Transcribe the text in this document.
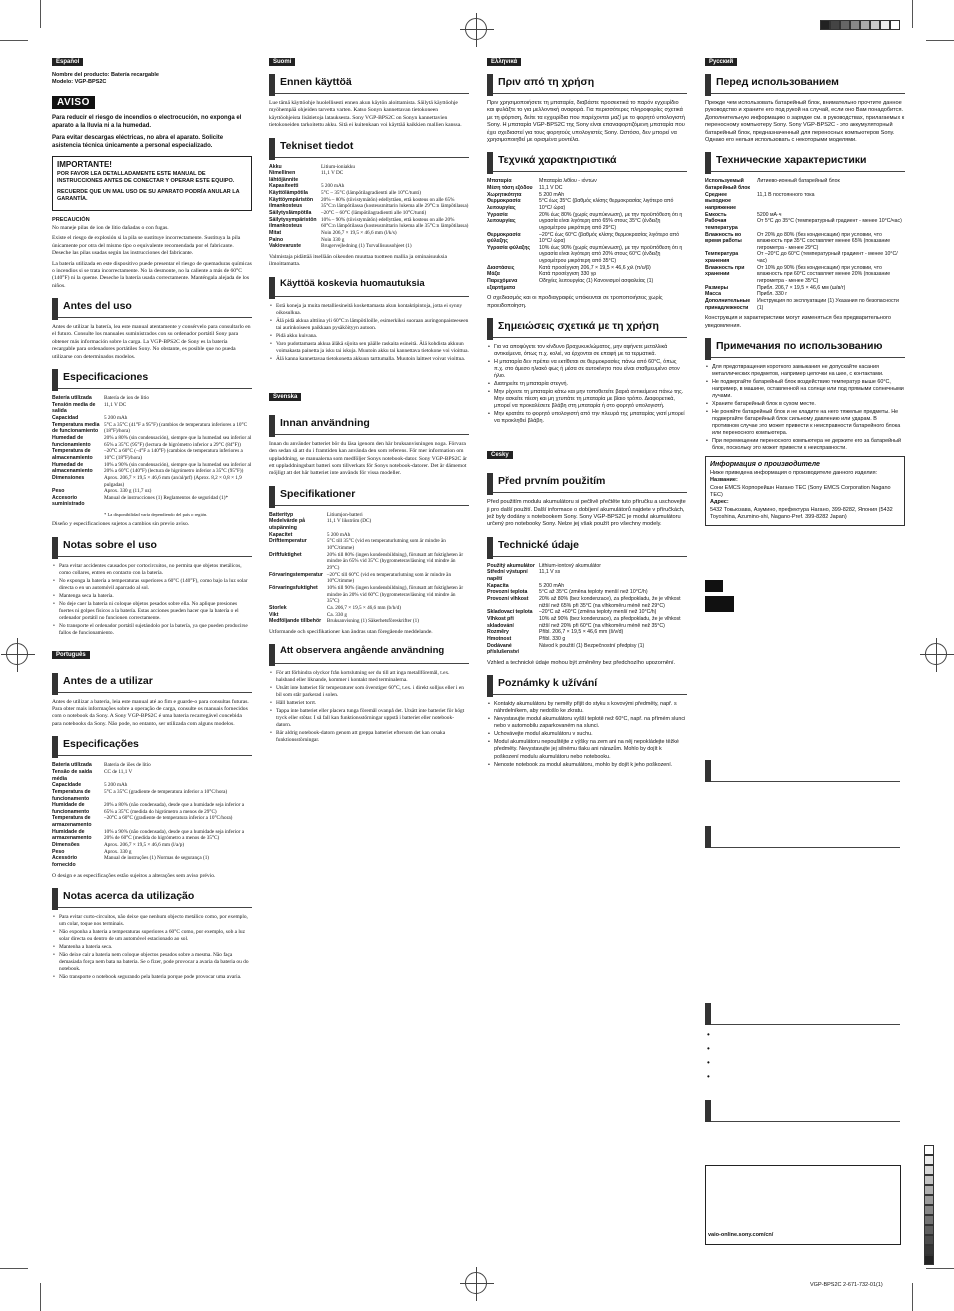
Español
Nombre del producto: Batería recargable
Modelo: VGP-BPS2C
AVISO
Para reducir el riesgo de incendios o electrocución, no exponga el aparato a la lluvia ni a la humedad.
Para evitar descargas eléctricas, no abra el aparato. Solicite asistencia técnica únicamente a personal especializado.
IMPORTANTE!
POR FAVOR LEA DETALLADAMENTE ESTE MANUAL DE INSTRUCCIONES ANTES DE CONECTAR Y OPERAR ESTE EQUIPO.
RECUERDE QUE UN MAL USO DE SU APARATO PODRÍA ANULAR LA GARANTÍA.
PRECAUCIÓN
No maneje pilas de ion de litio dañadas o con fugas.
Existe el riesgo de explosión si la pila se sustituye incorrectamente. Sustituya la pila únicamente por otra del mismo tipo o equivalente recomendada por el fabricante. Deseche las pilas usadas según las instrucciones del fabricante.
La batería utilizada en este dispositivo puede presentar el riesgo de quemaduras químicas o incendios si se trata incorrectamente. No la desmonte, no la caliente a más de 60°C (140°F) ni la queme. Deseche la batería usada correctamente. Manténgala alejada de los niños.
Antes del uso
Antes de utilizar la batería, lea este manual atentamente y consérvelo para consultarlo en el futuro. Consulte los manuales suministrados con su ordenador portátil Sony para obtener más información sobre la carga. La VGP-BPS2C de Sony es la batería recargable para ordenadores portátiles Sony. No obstante, es posible que no pueda utilizarse con determinados modelos.
Especificaciones
Batería utilizada	Batería de ion de litio
Tensión media de salida	11,1 V DC
Capacidad	5 200 mAh
Temperatura media de funcionamiento	5°C a 35°C (41°F a 95°F) (cambios de temperatura inferiores a 10°C (18°F)/hora)
Humedad de funcionamiento	20% a 80% (sin condensación), siempre que la humedad sea inferior al 65% a 35°C (95°F) (lectura de higrómetro inferior a 29°C (84°F))
Temperatura de almacenamiento	–20°C a 60°C (–4°F a 140°F) (cambios de temperatura inferiores a 10°C (18°F)/hora)
Humedad de almacenamiento	10% a 90% (sin condensación), siempre que la humedad sea inferior al 20% a 60°C (140°F) (lectura de higrómetro inferior a 35°C (95°F))
Dimensiones	Aprox. 206,7 × 19,5 × 46,6 mm (an/al/prf) (Aprox. 8,2 × 0,8 × 1,9 pulgadas)
Peso	Aprox. 330 g (11,7 oz)
Accesorio suministrado	Manual de instrucciones (1) Reglamentos de seguridad (1)*
* La disponibilidad varía dependiendo del país o región.
Diseño y especificaciones sujetos a cambios sin previo aviso.
Notas sobre el uso
• Para evitar accidentes causados por cortocircuitos, no permita que objetos metálicos, como collares, entren en contacto con la batería.
• No exponga la batería a temperaturas superiores a 60°C (140°F), como bajo la luz solar directa o en un automóvil aparcado al sol.
• Mantenga seca la batería.
• No deje caer la batería ni coloque objetos pesados sobre ella. No aplique presiones fuertes ni golpes físicos a la batería. Estas acciones pueden hacer que la batería o el ordenador portátil no funcionen correctamente.
• No transporte el ordenador portátil sujetándolo por la batería, ya que pueden producirse fallos de funcionamiento.
Português
Antes de a utilizar
Antes de utilizar a bateria, leia este manual até ao fim e guarde-o para consultas futuras. Para obter mais informações sobre a operação de carga, consulte os manuais fornecidos com o notebook da Sony. A Sony VGP-BPS2C é uma bateria recarregável concebida para notebooks da Sony. Não pode, no entanto, ser utilizada com alguns modelos.
Especificações
Bateria utilizada	Bateria de iões de lítio
Tensão de saída média	CC de 11,1 V
Capacidade	5 200 mAh
Temperatura de funcionamento	5°C a 35°C (gradiente de temperatura inferior a 10°C/hora)
Humidade de funcionamento	20% a 80% (não condensada), desde que a humidade seja inferior a 65% a 35°C (medida do higrómetro a menos de 29°C)
Temperatura de armazenamento	–20°C a 60°C (gradiente de temperatura inferior a 10°C/hora)
Humidade de armazenamento	10% a 90% (não condensada), desde que a humidade seja inferior a 20% de 60°C (medida do higrómetro a menos de 35°C)
Dimensões	Aprox. 206,7 × 19,5 × 46,6 mm (l/a/p)
Peso	Aprox. 330 g
Acessório fornecido	Manual de instruções (1) Normas de segurança (1)
O design e as especificações estão sujeitos a alterações sem aviso prévio.
Notas acerca da utilização
• Para evitar curto-circuitos, não deixe que nenhum objecto metálico como, por exemplo, um colar, toque nos terminais.
• Não exponha a bateria a temperaturas superiores a 60°C como, por exemplo, sob a luz solar directa ou dentro de um automóvel estacionado ao sol.
• Mantenha a bateria seca.
• Não deixe cair a bateria nem coloque objectos pesados sobre a mesma. Não faça demasiada força nem bata na bateria. Se o fizer, pode provocar a avaria da bateria ou do notebook.
• Não transporte o notebook segurando pela bateria porque pode provocar uma avaria.
Suomi
Ennen käyttöä
Lue tämä käyttöohje huolellisesti ennen akun käytön aloittamista. Säilytä käyttöohje myöhempää ohjeiden tarvetta varten. Katso Sonyn kannettavan tietokoneen käyttöohjeista lisätietoja latauksesta. Sony VGP-BPS2C on Sonyn kannettavien tietokoneiden tarkoitettu akku. Sitä ei kuitenkaan voi käyttää kaikkien mallien kanssa.
Tekniset tiedot
Akku	Litium-ioniakku
Nimellinen lähtöjännite	11,1 V DC
Kapasiteetti	5 200 mAh
Käyttölämpötila	5°C – 35°C (lämpötilagradientti alle 10°C/tunti)
Käyttöympäristön ilmankosteus	20% – 80% (tiivistymätön) edellyttäen, että kosteus on alle 65% 35°C:n lämpötilassa (kosteusmittarin lukema alle 29°C:n lämpötilassa)
Säilytyslämpötila	–20°C – 60°C (lämpötilagradientti alle 10°C/tunti)
Säilytysympäristön ilmankosteus	10% – 90% (tiivistymätön) edellyttäen, että kosteus on alle 20% 60°C:n lämpötilassa (kosteusmittarin lukema alle 35°C:n lämpötilassa)
Mitat	Noin 206,7 × 19,5 × 46,6 mm (l/k/s)
Paino	Noin 330 g
Vakiovaruste	Brugervejledning (1) Turvallisuusohjeet (1)
Valmistaja pidättää itsellään oikeuden muuttaa tuotteen mallia ja ominaisuuksia ilmoittamatta.
Käyttöä koskevia huomautuksia
• Estä koneja ja muita metalliesineitä koskettamasta akun kontaktipintoja, jotta ei synny oikosulkua.
• Älä pidä akkua alttiina yli 60°C:n lämpötiloille, esimerkiksi suoraan auringonpaisteeseen tai aurinkoiseen paikkaan pysäköityyn autoon.
• Pidä akku kuivana.
• Varo pudottamasta akkua äläkä sijoita sen päälle raskaita esineitä. Älä kohdista akkuun voimakasta painetta ja isku tai iskuja. Muutoin akku tai kannettava tietokone voi vioittua.
• Älä kanna kannettavaa tietokonetta akkuun tarttumalla. Muutoin laitteet voivat vioittua.
Svenska
Innan användning
Innan du använder batteriet bör du läsa igenom den här bruksanvisningen noga. Förvara den sedan så att du i framtiden kan använda den som referens. För mer information om uppladdning, se manualerna som medföljer Sonys notebook-dator. Sony VGP-BPS2C är ett uppladdningsbart batteri som tillverkats för Sonys notebook-datorer. Det är dämemot möjligt att det här batteriet inte används för vissa modeller.
Specifikationer
Batterityp	Litiumjon-batteri
Medelvärde på utspänning	11,1 V likström (DC)
Kapacitet	5 200 mAh
Drifttemperatur	5°C till 35°C (vid en temperaturlutning som är mindre än 10°C/timme)
Driftfuktighet	20% till 80% (ingen kondensbildning), förutsatt att fuktigheten är mindre än 65% vid 35°C (hygrometeravläsning vid mindre än 29°C)
Förvaringstemperatur	–20°C till 60°C (vid en temperaturlutning som är mindre än 10°C/timme)
Förvaringsfuktighet	10% till 90% (ingen kondensbildning), förutsatt att fuktigheten är mindre än 20% vid 60°C (hygrometeravläsning vid mindre än 35°C)
Storlek	Ca. 206,7 × 19,5 × 46,6 mm (b/h/d)
Vikt	Ca. 330 g
Medföljande tillbehör	Bruksanvisning (1) Säkerhetsföreskrifter (1)
Utformande och specifikationer kan ändras utan föregående meddelande.
Att observera angående användning
• För att förhindra olyckor från kortslutning ser du till att inga metallföremål, t.ex. halsband eller liknande, kommer i kontakt med terminalerna.
• Utsätt inte batteriet för temperaturer som överstiger 60°C, t.ex. i direkt solljus eller i en bil som står parkerad i solen.
• Håll batteriet torrt.
• Tappa inte batteriet eller placera tunga föremål ovanpå det. Utsätt inte batteriet för högt tryck eller stötar. I så fall kan funktionsstörningar uppstå i batteriet eller notebook-datorn.
• Bär aldrig notebook-datorn genom att greppa batteriet eftersom det kan orsaka funktionsstörningar.
Ελληνικά
Πριν από τη χρήση
Πριν χρησιμοποιήσετε τη μπαταρία, διαβάστε προσεκτικά το παρόν εγχειρίδιο και φυλάξτε το για μελλοντική αναφορά. Για περισσότερες πληροφορίες σχετικά με τη φόρτιση, δείτε τα εγχειρίδια που παρέχονται μαζί με το φορητό υπολογιστή Sony. Η μπαταρία VGP-BPS2C της Sony είναι επαναφορτιζόμενη μπαταρία που έχει σχεδιαστεί για τους φορητούς υπολογιστές Sony. Ωστόσο, δεν μπορεί να χρησιμοποιηθεί με ορισμένα μοντέλα.
Τεχνικά χαρακτηριστικά
Μπαταρία	Μπαταρία λιθίου - ιόντων
Μέση τάση εξόδου	11,1 V DC
Χωρητικότητα	5 200 mAh
Θερμοκρασία λειτουργίας	5°C έως 35°C (βαθμός κλίσης θερμοκρασίας λιγότερο από 10°C/ ώρα)
Υγρασία λειτουργίας	20% έως 80% (χωρίς συμπύκνωση), με την προϋπόθεση ότι η υγρασία είναι λιγότερη από 65% στους 35°C (ένδειξη υγρομέτρου μικρότερη από 29°C)
Θερμοκρασία φύλαξης	–20°C έως 60°C (βαθμός κλίσης θερμοκρασίας λιγότερο από 10°C/ ώρα)
Υγρασία φύλαξης	10% έως 90% (χωρίς συμπύκνωση), με την προϋπόθεση ότι η υγρασία είναι λιγότερη από 20% στους 60°C (ένδειξη υγρομέτρου μικρότερη από 35°C)
Διαστάσεις	Κατά προσέγγιση 206,7 × 19,5 × 46,6 χιλ (π/υ/β)
Μάζα	Κατά προσέγγιση 330 γρ
Παρεχόμενα εξαρτήματα	Οδηγίες λειτουργίας (1) Κανονισμοί ασφαλείας (1)
Ο σχεδιασμός και οι προδιαγραφές υπόκεινται σε τροποποιήσεις χωρίς προειδοποίηση.
Σημειώσεις σχετικά με τη χρήση
• Για να αποφύγετε τον κίνδυνο βραχυκυκλώματος, μην αφήνετε μεταλλικά αντικείμενα, όπως π.χ. κολιέ, να έρχονται σε επαφή με τα τερματικά.
• Η μπαταρία δεν πρέπει να εκτίθεται σε θερμοκρασίες πάνω από 60°C, όπως π.χ. στο άμεσο ηλιακό φως ή μέσα σε αυτοκίνητο που είναι σταθμευμένο στον ήλιο.
• Διατηρείτε τη μπαταρία στεγνή.
• Μην ρίχνετε τη μπαταρία κάτω και μην τοποθετείτε βαριά αντικείμενα πάνω της. Μην ασκείτε πίεση και μη χτυπάτε τη μπαταρία με βίαιο τρόπο. Διαφορετικά, μπορεί να προκαλέσετε βλάβη στη μπαταρία ή στο φορητό υπολογιστή.
• Μην κρατάτε το φορητό υπολογιστή από την πλευρά της μπαταρίας γιατί μπορεί να προκληθεί βλάβη.
Česky
Před prvním použitím
Před použitím modulu akumulátoru si pečlivě přečtěte tuto příručku a uschovejte ji pro další použití. Další informace o dobíjení akumulátorů najdete v příručkách, jež byly dodány s notebookem Sony. Sony VGP-BPS2C je modul akumulátoru určený pro notebooky Sony. Nelze jej však použít pro všechny modely.
Technické údaje
Použitý akumulátor	Lithium-iontový akumulátor
Střední výstupní napětí	11,1 V ss
Kapacita	5 200 mAh
Provozní teplota	5°C až 35°C (změna teploty menší než 10°C/h)
Provozní vlhkost	20% až 80% (bez kondenzace), za předpokladu, že je vlhkost nižší než 65% při 35°C (na vlhkoměru méně než 29°C)
Skladovací teplota	–20°C až +60°C (změna teploty menší než 10°C/h)
Vlhkost při skladování	10% až 90% (bez kondenzace), za předpokladu, že je vlhkost nižší než 20% při 60°C (na vlhkoměru méně než 35°C)
Rozměry	Přibl. 206,7 × 19,5 × 46,6 mm (š/v/d)
Hmotnost	Přibl. 330 g
Dodávané příslušenství	Návod k použití (1) Bezpečnostní předpisy (1)
Vzhled a technické údaje mohou být změněny bez předchozího upozornění.
Poznámky k užívání
• Kontakty akumulátoru by neměly přijít do styku s kovovými předměty, např. s náhrdelníkem, aby nedošlo ke zkratu.
• Nevystavujte modul akumulátoru vyšší teplotě než 60°C, např. na přímém slunci nebo v automobilu zaparkovaném na slunci.
• Uchovávejte modul akumulátoru v suchu.
• Modul akumulátoru nepouštějte z výšky na zem ani na něj nepokládejte těžké předměty. Nevystavujte jej silnému tlaku ani nárazům. Mohlo by dojít k poškození modulu akumulátoru nebo notebooku.
• Nenoste notebook za modul akumulátoru, mohlo by dojít k jeho poškození.
Русский
Перед использованием
Прежде чем использовать батарейный блок, внимательно прочтите данное руководство и храните его под рукой на случай, если оно Вам понадобится. Дополнительную информацию о зарядке см. в руководствах, прилагаемых к переносному компьютеру Sony. Sony VGP-BPS2C - это аккумуляторный батарейный блок, предназначенный для переносных компьютеров Sony. Однако его нельзя использовать с некоторыми моделями.
Технические характеристики
Используемый батарейный блок	Литиево-ионный батарейный блок
Среднее выходное напряжение	11,1 В постоянного тока
Емкость	5200 мА·ч
Рабочая температура	От 5°C до 35°C (температурный градиент - менее 10°C/час)
Влажность во время работы	От 20% до 80% (без конденсации) при условии, что влажность при 35°C составляет менее 65% (показание гигрометра - менее 29°C)
Температура хранения	От –20°C до 60°C (температурный градиент - менее 10°C/час)
Влажность при хранении	От 10% до 90% (без конденсации) при условии, что влажность при 60°C составляет менее 20% (показание гигрометра - менее 35°C)
Размеры	Прибл. 206,7 × 19,5 × 46,6 мм (ш/в/г)
Масса	Прибл. 330 г
Дополнительные принадлежности	Инструкция по эксплуатации (1) Указания по безопасности (1)
Конструкция и характеристики могут изменяться без предварительного уведомления.
Примечания по использованию
• Для предотвращения короткого замыкания не допускайте касания металлических предметов, например цепочки на шее, с контактами.
• Не подвергайте батарейный блок воздействию температур выше 60°C, например, в машине, оставленной на солнце или под прямыми солнечными лучами.
• Храните батарейный блок в сухом месте.
• Не роняйте батарейный блок и не кладите на него тяжелые предметы. Не подвергайте батарейный блок сильному давлению или ударам. В противном случае это может привести к неисправности батарейного блока или переносного компьютера.
• При перемещении переносного компьютера не держите его за батарейный блок, поскольку это может привести к неисправности.
Информация о производителе
Ниже приведена информация о производителе данного изделия:
Название:
Сони EMCS Корпорейшн Нагано TEC (Sony EMCS Corporation Nagano TEC)
Адрес:
5432 Токьюзава, Азумино, префектура Нагано, 399-8282, Япония (5432 Toyoshina, Azumino-shi, Nagano-Pref. 399-8282 Japan)
•
•
•
•
vaio-online.sony.com/cn/
VGP-BPS2C 2-671-732-01(1)
